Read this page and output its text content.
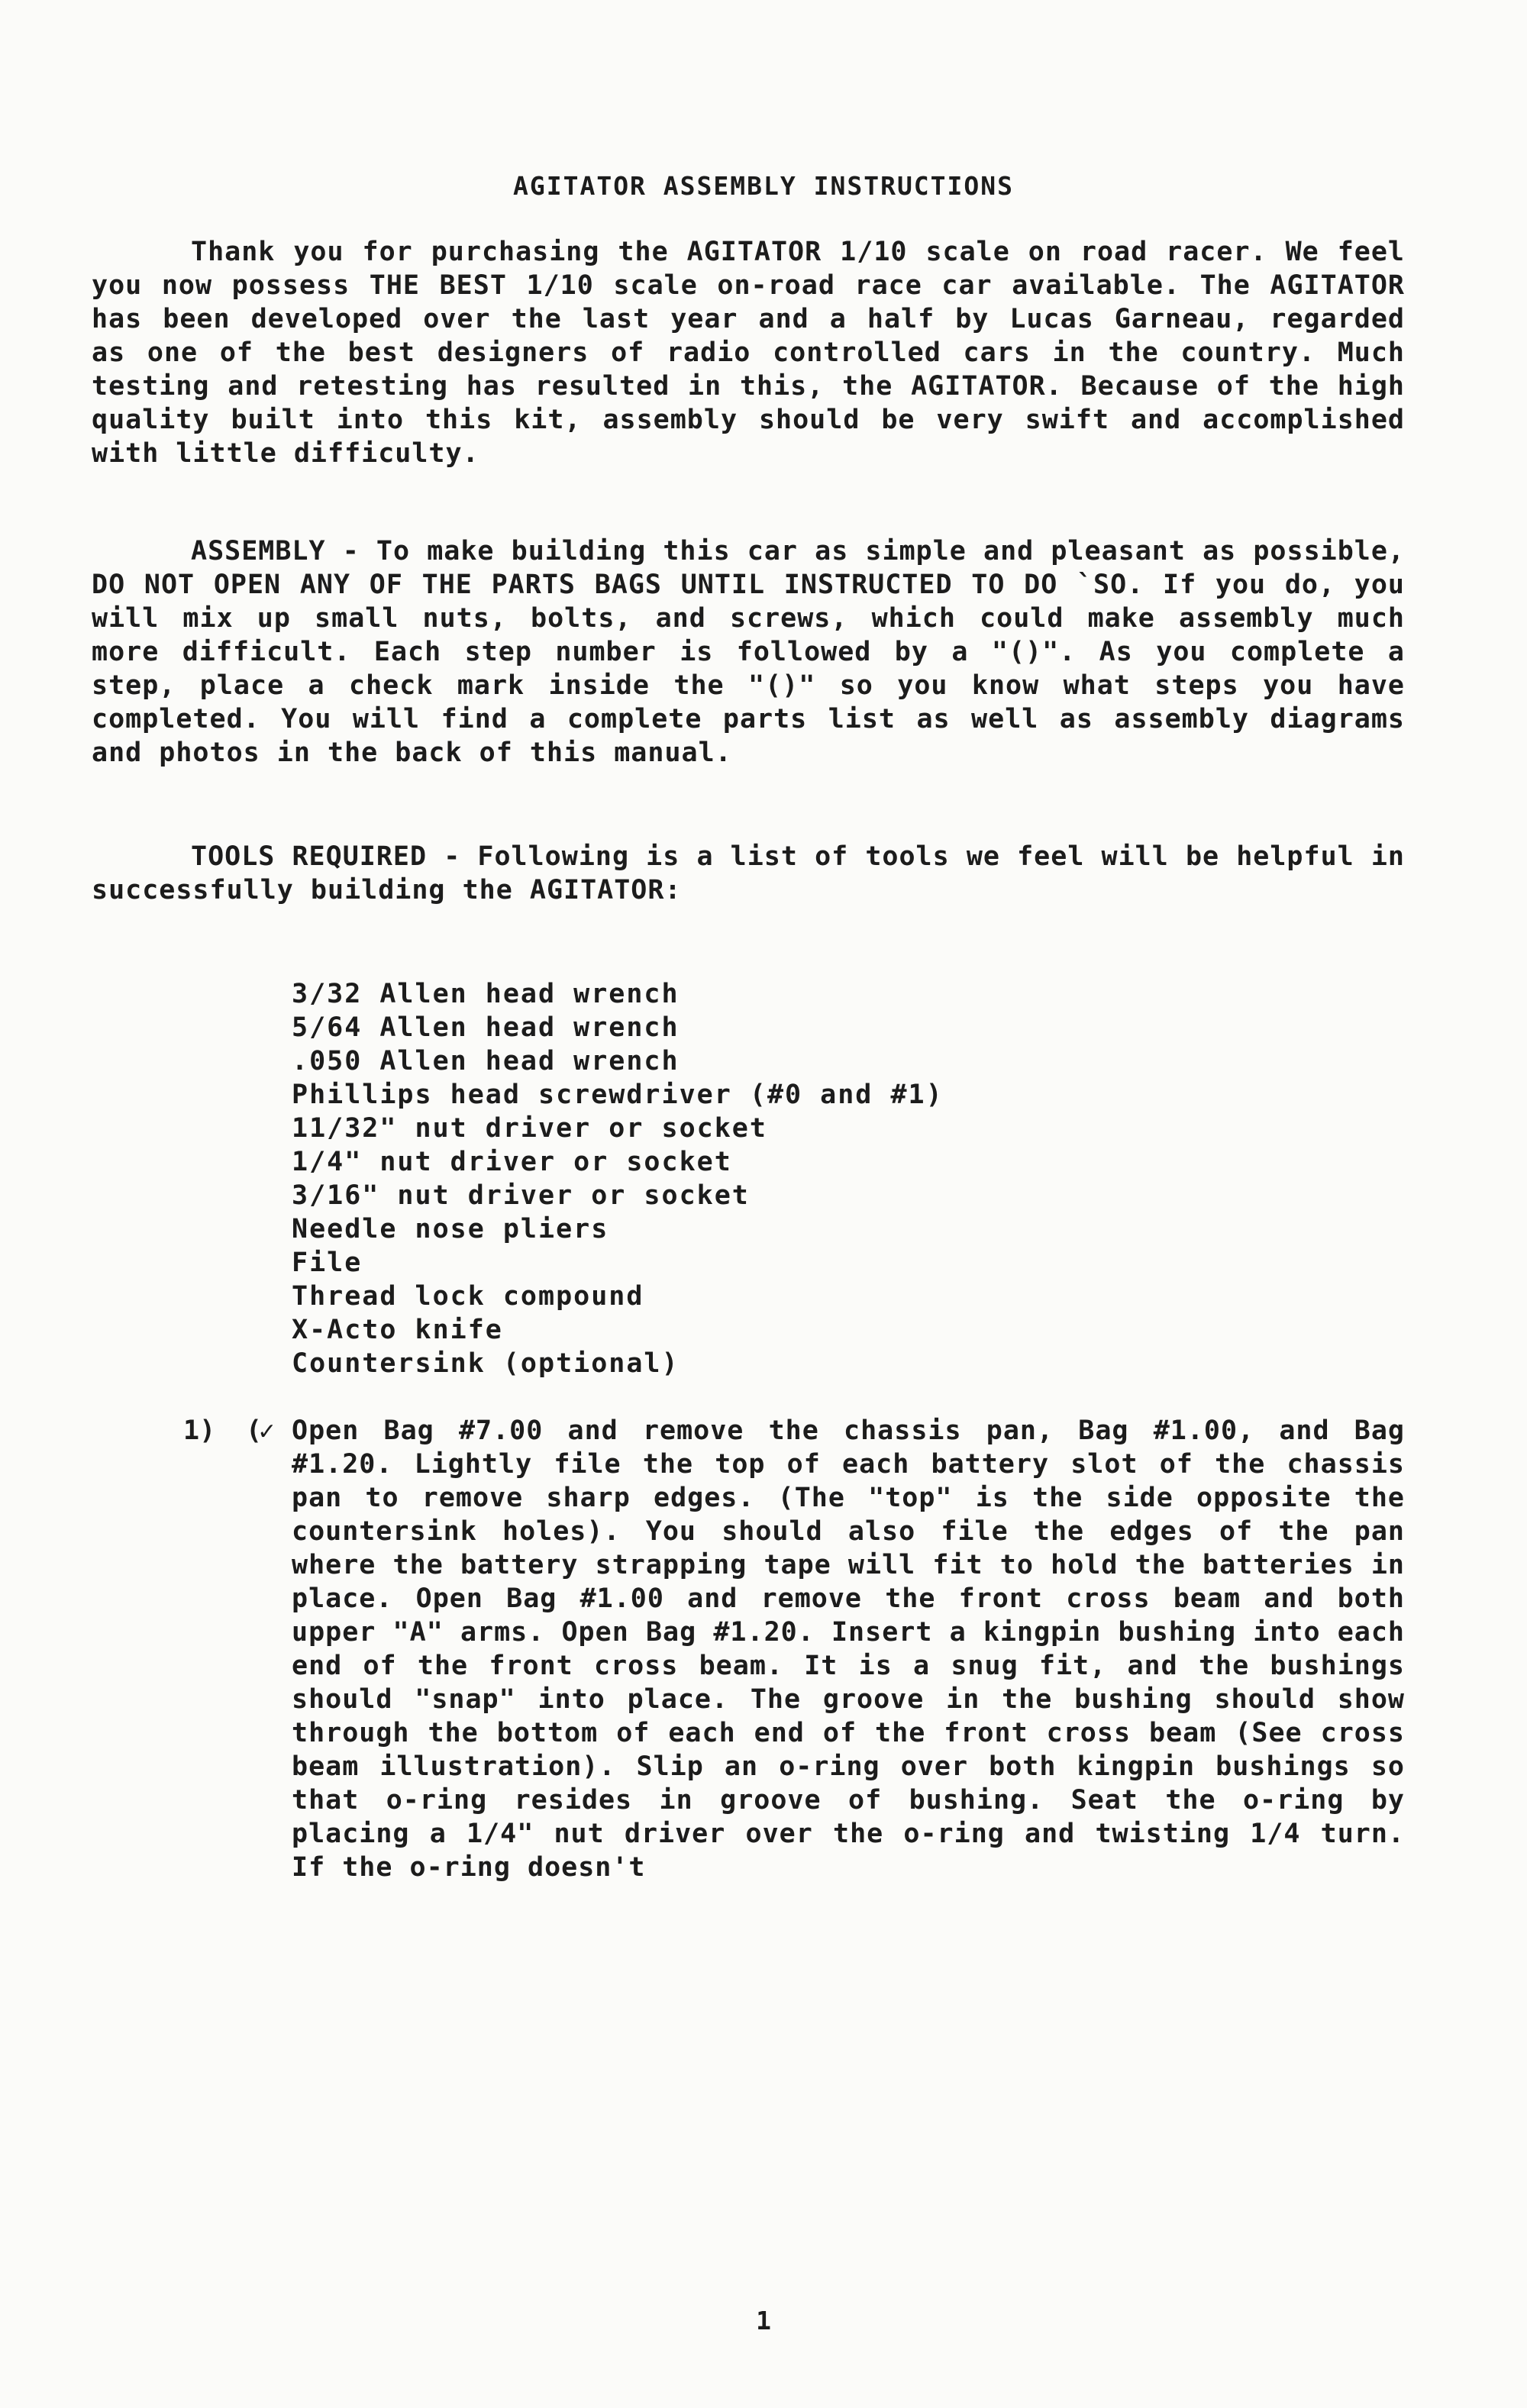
AGITATOR ASSEMBLY INSTRUCTIONS
Thank you for purchasing the AGITATOR 1/10 scale on road racer. We feel you now possess THE BEST 1/10 scale on-road race car available. The AGITATOR has been developed over the last year and a half by Lucas Garneau, regarded as one of the best designers of radio controlled cars in the country. Much testing and retesting has resulted in this, the AGITATOR. Because of the high quality built into this kit, assembly should be very swift and accomplished with little difficulty.
ASSEMBLY - To make building this car as simple and pleasant as possible, DO NOT OPEN ANY OF THE PARTS BAGS UNTIL INSTRUCTED TO DO `SO. If you do, you will mix up small nuts, bolts, and screws, which could make assembly much more difficult. Each step number is followed by a "()". As you complete a step, place a check mark inside the "()" so you know what steps you have completed. You will find a complete parts list as well as assembly diagrams and photos in the back of this manual.
TOOLS REQUIRED - Following is a list of tools we feel will be helpful in successfully building the AGITATOR:
3/32 Allen head wrench
5/64 Allen head wrench
.050 Allen head wrench
Phillips head screwdriver (#0 and #1)
11/32" nut driver or socket
1/4" nut driver or socket
3/16" nut driver or socket
Needle nose pliers
File
Thread lock compound
X-Acto knife
Countersink (optional)
1) (✓ Open Bag #7.00 and remove the chassis pan, Bag #1.00, and Bag #1.20. Lightly file the top of each battery slot of the chassis pan to remove sharp edges. (The "top" is the side opposite the countersink holes). You should also file the edges of the pan where the battery strapping tape will fit to hold the batteries in place. Open Bag #1.00 and remove the front cross beam and both upper "A" arms. Open Bag #1.20. Insert a kingpin bushing into each end of the front cross beam. It is a snug fit, and the bushings should "snap" into place. The groove in the bushing should show through the bottom of each end of the front cross beam (See cross beam illustration). Slip an o-ring over both kingpin bushings so that o-ring resides in groove of bushing. Seat the o-ring by placing a 1/4" nut driver over the o-ring and twisting 1/4 turn. If the o-ring doesn't
1
